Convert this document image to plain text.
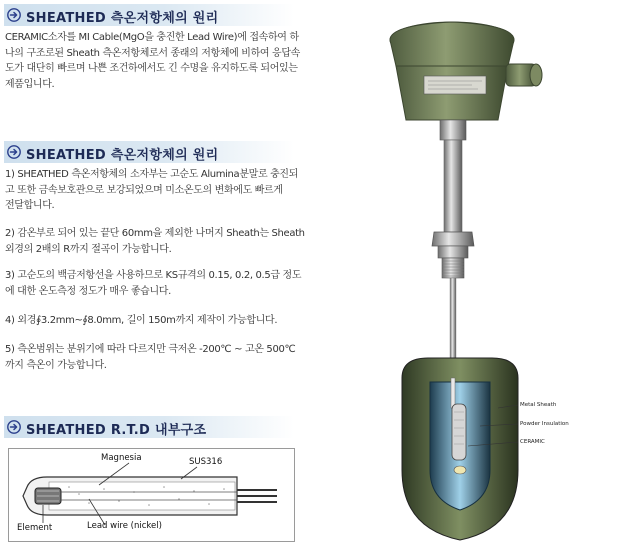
SHEATHED 측온저항체의 원리
CERAMIC소자를 MI Cable(MgO을 충진한 Lead Wire)에 접속하여 하
나의 구조로된 Sheath 측온저항체로서 종래의 저항체에 비하여 응답속
도가 대단히 빠르며 나쁜 조건하에서도 긴 수명을 유지하도록 되어있는
제품입니다.
SHEATHED 측온저항체의 원리
1) SHEATHED 측온저항체의 소자부는 고순도 Alumina분말로 충진되
고 또한 금속보호관으로 보강되었으며 미소온도의 변화에도 빠르게
전달합니다.
2) 감온부로 되어 있는 끝단 60mm을 제외한 나머지 Sheath는 Sheath
외경의 2배의 R까지 절곡이 가능합니다.
3) 고순도의 백금저항선을 사용하므로 KS규격의 0.15, 0.2, 0.5급 정도
에 대한 온도측정 정도가 매우 좋습니다.
4) 외경∮3.2mm~∮8.0mm, 길이 150m까지 제작이 가능합니다.
5) 측온범위는 분위기에 따라 다르지만 극저온 -200℃ ~ 고온 500℃
까지 측온이 가능합니다.
SHEATHED R.T.D 내부구조
Magnesia	SUS316
Element	Lead wire (nickel)
Metal Sheath
Powder Insulation
CERAMIC
